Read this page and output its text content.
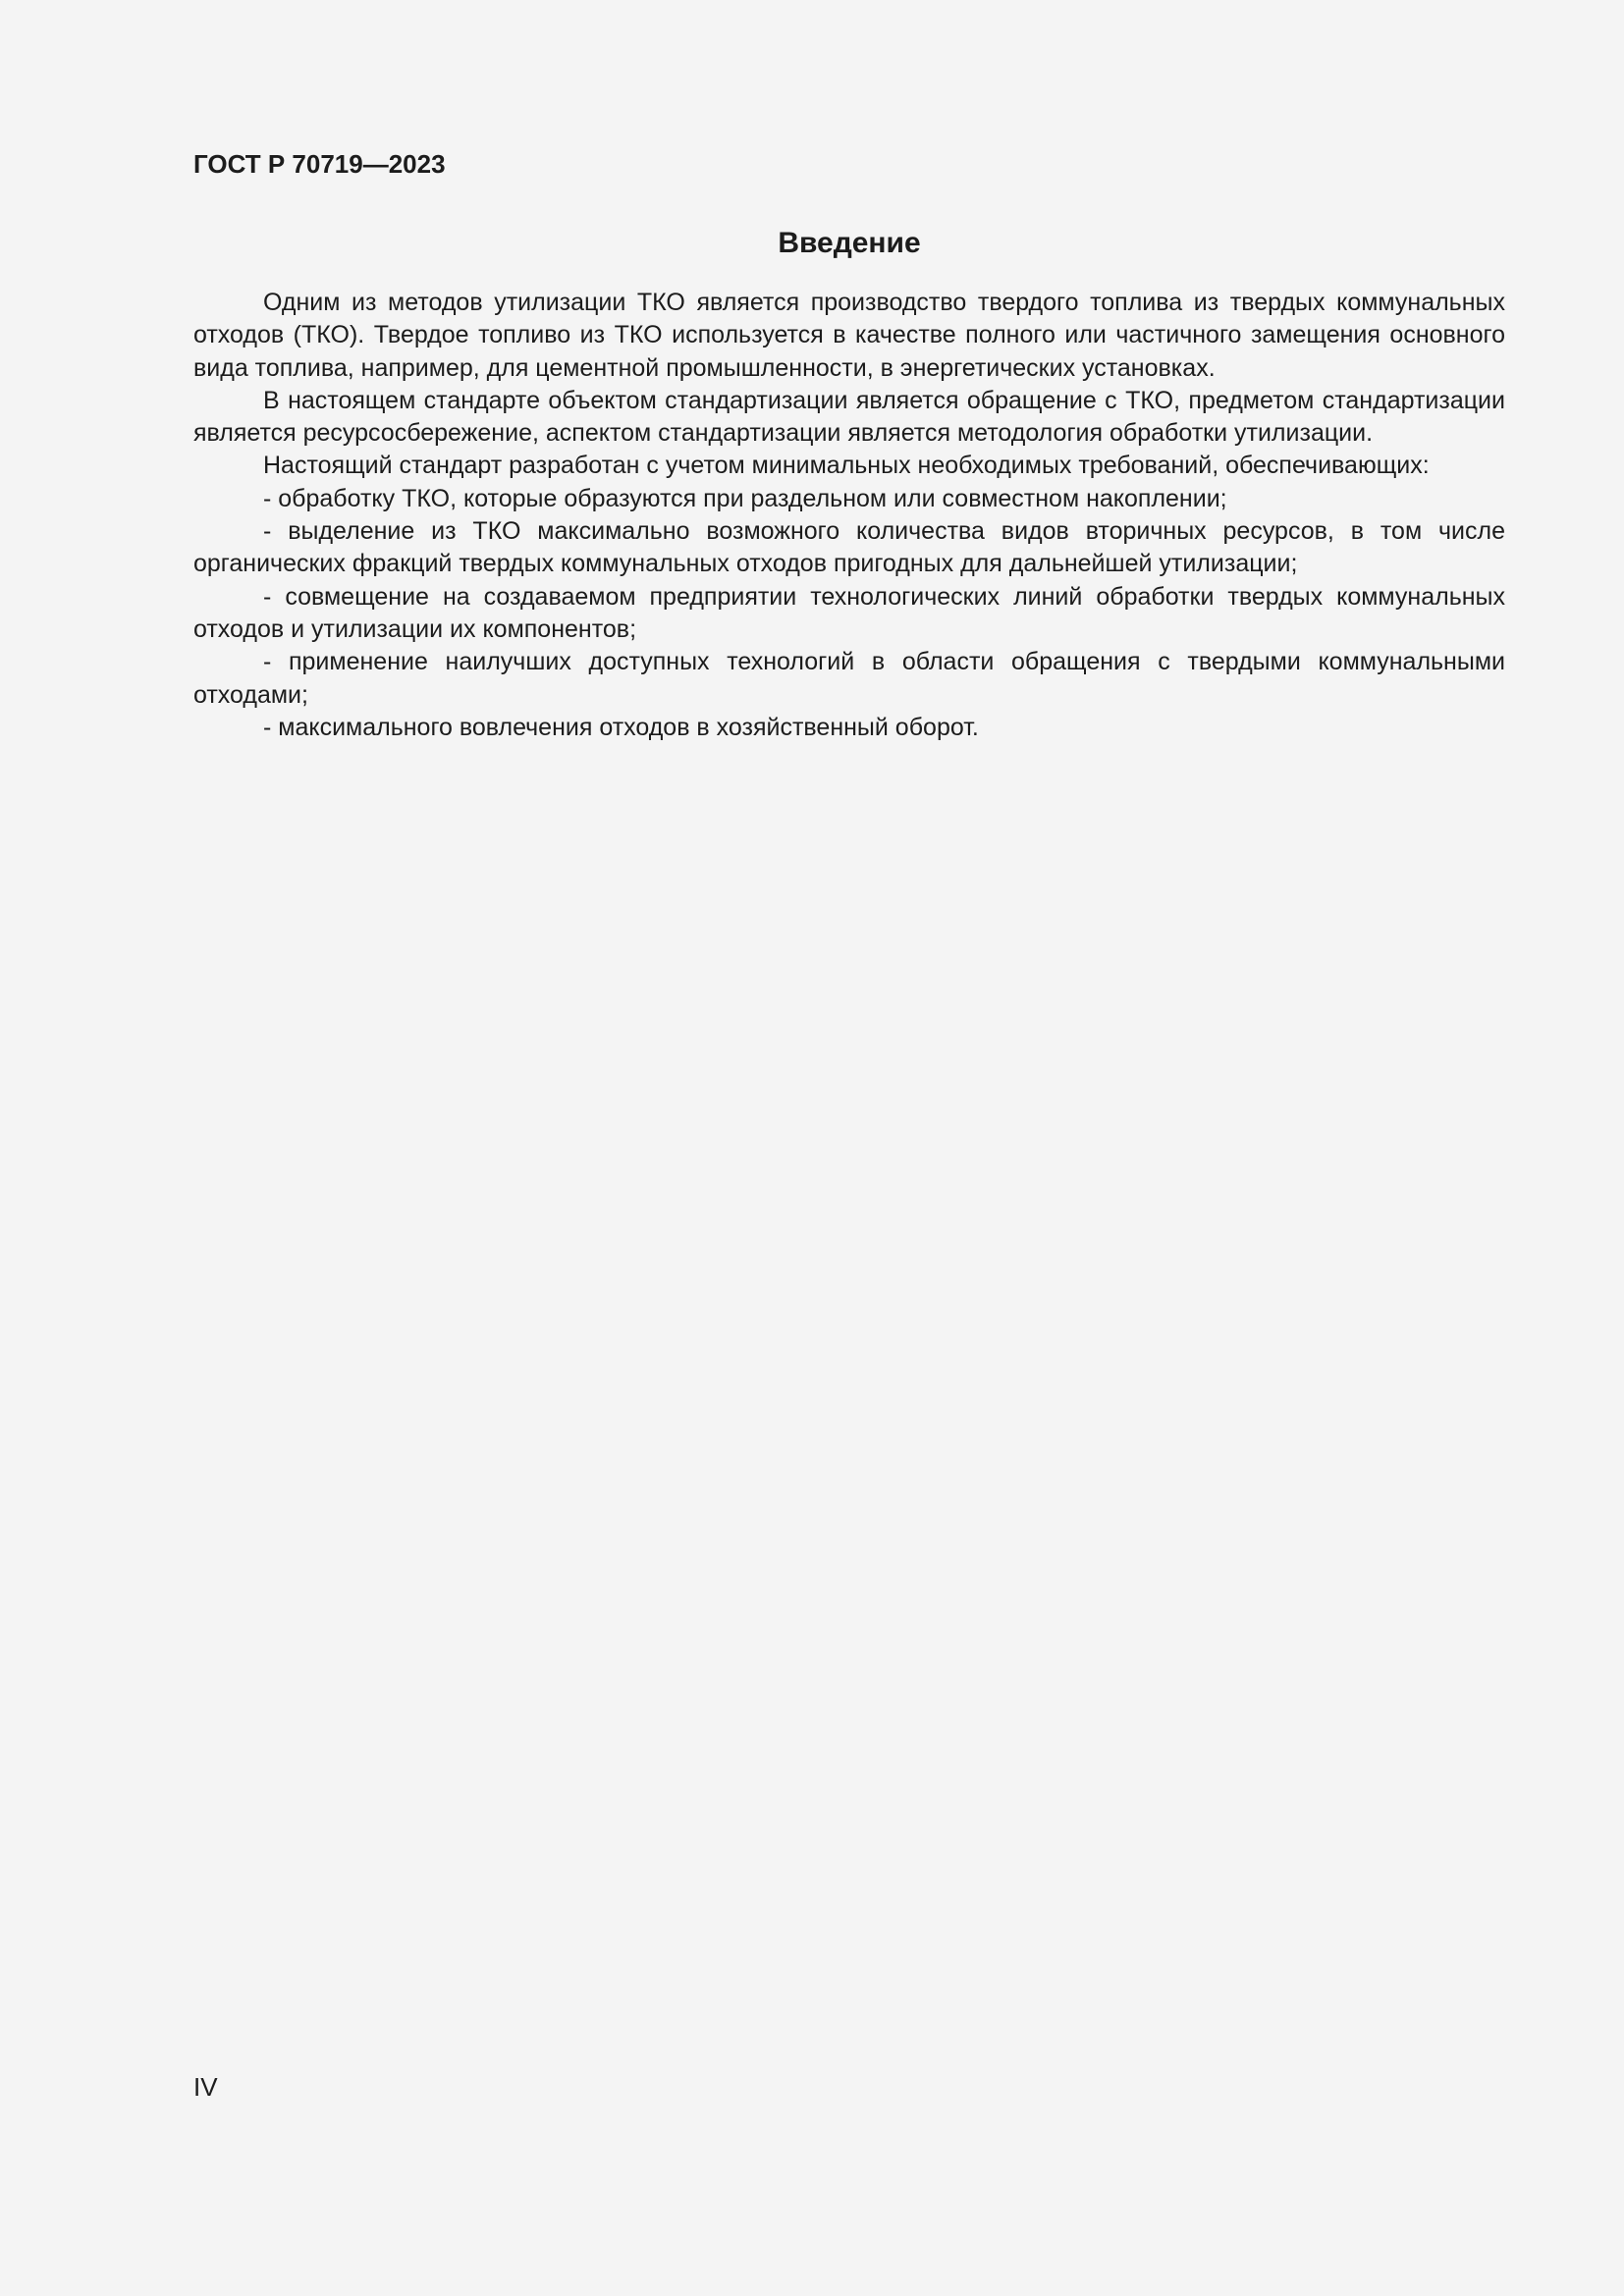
ГОСТ Р 70719—2023
Введение

Одним из методов утилизации ТКО является производство твердого топлива из твердых коммунальных отходов (ТКО). Твердое топливо из ТКО используется в качестве полного или частичного замещения основного вида топлива, например, для цементной промышленности, в энергетических установках.

В настоящем стандарте объектом стандартизации является обращение с ТКО, предметом стандартизации является ресурсосбережение, аспектом стандартизации является методология обработки утилизации.

Настоящий стандарт разработан с учетом минимальных необходимых требований, обеспечивающих:

- обработку ТКО, которые образуются при раздельном или совместном накоплении;

- выделение из ТКО максимально возможного количества видов вторичных ресурсов, в том числе органических фракций твердых коммунальных отходов пригодных для дальнейшей утилизации;

- совмещение на создаваемом предприятии технологических линий обработки твердых коммунальных отходов и утилизации их компонентов;

- применение наилучших доступных технологий в области обращения с твердыми коммунальными отходами;

- максимального вовлечения отходов в хозяйственный оборот.

IV
